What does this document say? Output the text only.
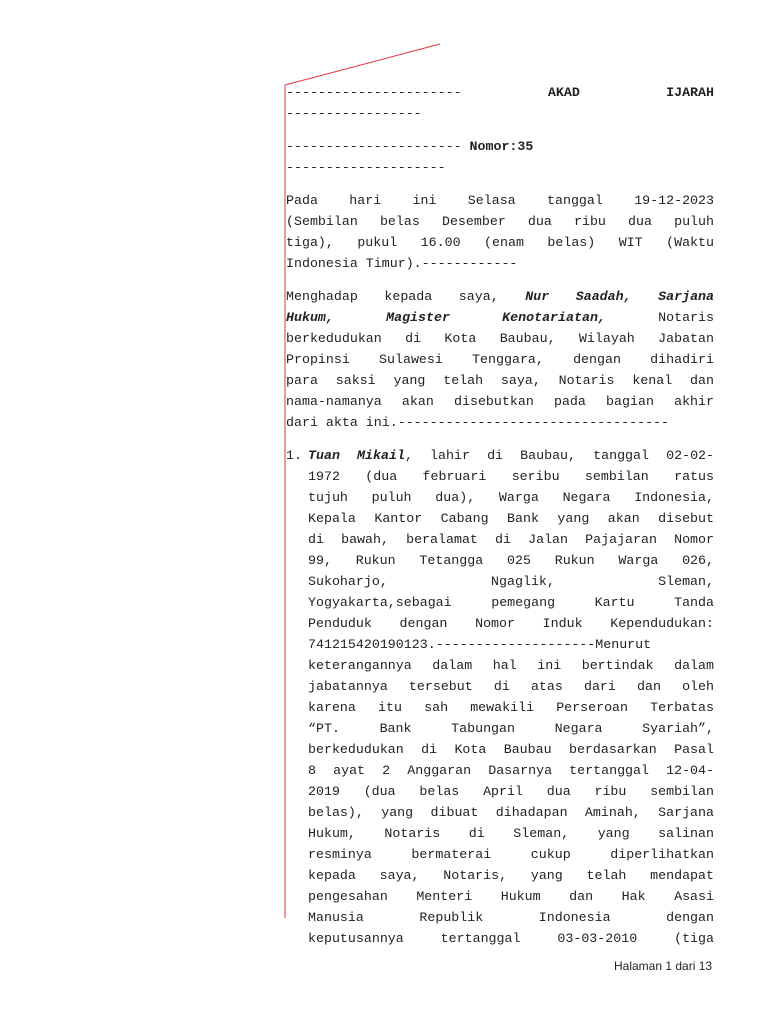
----------------------	AKAD	IJARAH
-----------------
---------------------- Nomor:35
--------------------
Pada hari ini Selasa tanggal 19-12-2023
(Sembilan belas Desember dua ribu dua puluh
tiga), pukul 16.00 (enam belas) WIT (Waktu
Indonesia Timur).------------
Menghadap kepada saya, Nur Saadah, Sarjana
Hukum, Magister Kenotariatan, Notaris
berkedudukan di Kota Baubau, Wilayah Jabatan
Propinsi Sulawesi Tenggara, dengan dihadiri
para saksi yang telah saya, Notaris kenal dan
nama-namanya akan disebutkan pada bagian akhir
dari akta ini.----------------------------------
1. Tuan Mikail, lahir di Baubau, tanggal 02-02-
1972 (dua februari seribu sembilan ratus
tujuh puluh dua), Warga Negara Indonesia,
Kepala Kantor Cabang Bank yang akan disebut
di bawah, beralamat di Jalan Pajajaran Nomor
99, Rukun Tetangga 025 Rukun Warga 026,
Sukoharjo, Ngaglik, Sleman,
Yogyakarta,sebagai pemegang Kartu Tanda
Penduduk dengan Nomor Induk Kependudukan:
741215420190123.--------------------Menurut
keterangannya dalam hal ini bertindak dalam
jabatannya tersebut di atas dari dan oleh
karena itu sah mewakili Perseroan Terbatas
“PT. Bank Tabungan Negara Syariah”,
berkedudukan di Kota Baubau berdasarkan Pasal
8 ayat 2 Anggaran Dasarnya tertanggal 12-04-
2019 (dua belas April dua ribu sembilan
belas), yang dibuat dihadapan Aminah, Sarjana
Hukum, Notaris di Sleman, yang salinan
resminya bermaterai cukup diperlihatkan
kepada saya, Notaris, yang telah mendapat
pengesahan Menteri Hukum dan Hak Asasi
Manusia Republik Indonesia dengan
keputusannya tertanggal 03-03-2010 (tiga
Halaman 1 dari 13
